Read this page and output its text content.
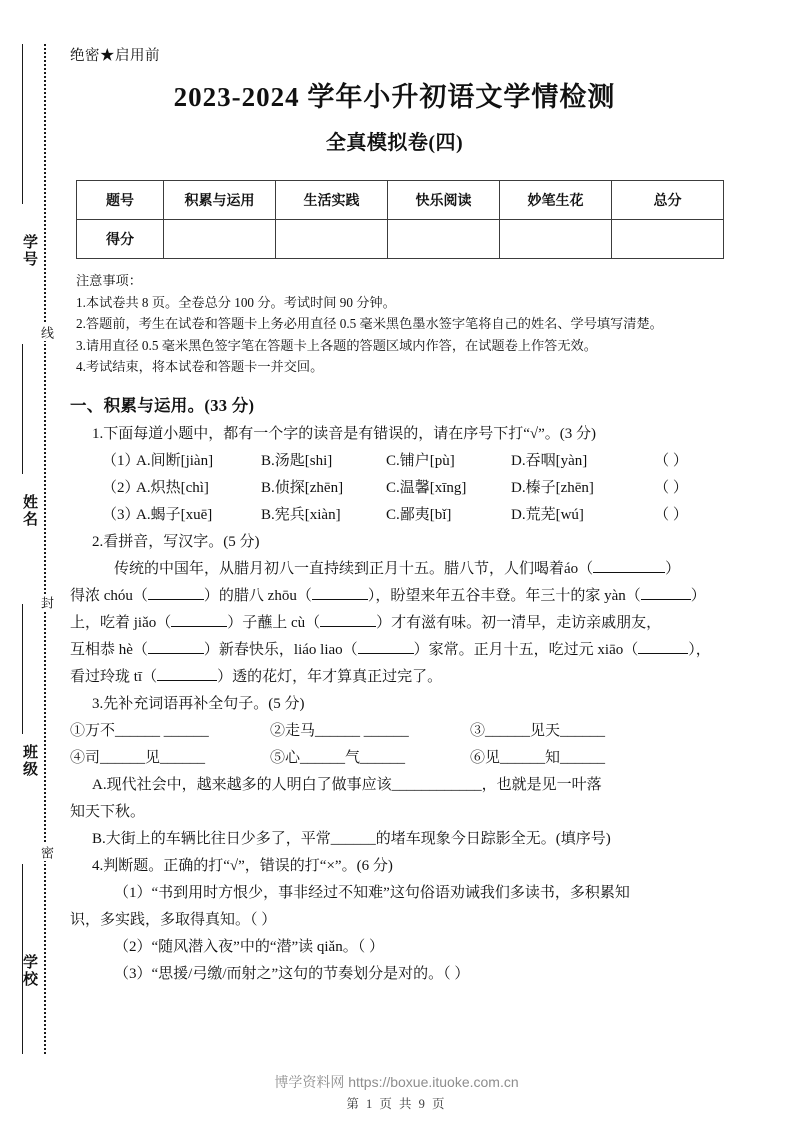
学号
姓名
班级
学校
线
封
密
绝密★启用前
2023-2024 学年小升初语文学情检测
全真模拟卷(四)
题号	积累与运用	生活实践	快乐阅读	妙笔生花	总分
得分					
注意事项：
1.本试卷共 8 页。全卷总分 100 分。考试时间 90 分钟。
2.答题前，考生在试卷和答题卡上务必用直径 0.5 毫米黑色墨水签字笔将自己的姓名、学号填写清楚。
3.请用直径 0.5 毫米黑色签字笔在答题卡上各题的答题区域内作答，在试题卷上作答无效。
4.考试结束，将本试卷和答题卡一并交回。
一、积累与运用。(33 分)
1.下面每道小题中，都有一个字的读音是有错误的，请在序号下打“√”。(3 分)
（1）
A.间断[jiàn]	B.汤匙[shi]	C.铺户[pù]	D.吞咽[yàn]	（ ）
（2）
A.炽热[chì]	B.侦探[zhēn]	C.温馨[xīng]	D.榛子[zhēn]	（ ）
（3）
A.蝎子[xuē]	B.宪兵[xiàn]	C.鄙夷[bǐ]	D.荒芜[wú]	（ ）
2.看拼音，写汉字。(5 分)
传统的中国年，从腊月初八一直持续到正月十五。腊八节，人们喝着áo（	）
得浓 chóu（	）的腊八 zhōu（	），盼望来年五谷丰登。年三十的家 yàn（	）
上，吃着 jiǎo（	）子蘸上 cù（	）才有滋有味。初一清早，走访亲戚朋友，
互相恭 hè（	）新春快乐，liáo liao（	）家常。正月十五，吃过元 xiāo（	），
看过玲珑 tī（	）透的花灯，年才算真正过完了。
3.先补充词语再补全句子。(5 分)
①万不______ ______	②走马______ ______	③______见天______
④司______见______	⑤心______气______	⑥见______知______
A.现代社会中，越来越多的人明白了做事应该____________，也就是见一叶落
知天下秋。
B.大街上的车辆比往日少多了，平常______的堵车现象今日踪影全无。(填序号)
4.判断题。正确的打“√”，错误的打“×”。(6 分)
（1）“书到用时方恨少，事非经过不知难”这句俗语劝诫我们多读书，多积累知
识，多实践，多取得真知。（ ）
（2）“随风潜入夜”中的“潜”读 qiǎn。（ ）
（3）“思援/弓缴/而射之”这句的节奏划分是对的。（ ）
博学资料网 https://boxue.ituoke.com.cn
第 1 页 共 9 页
